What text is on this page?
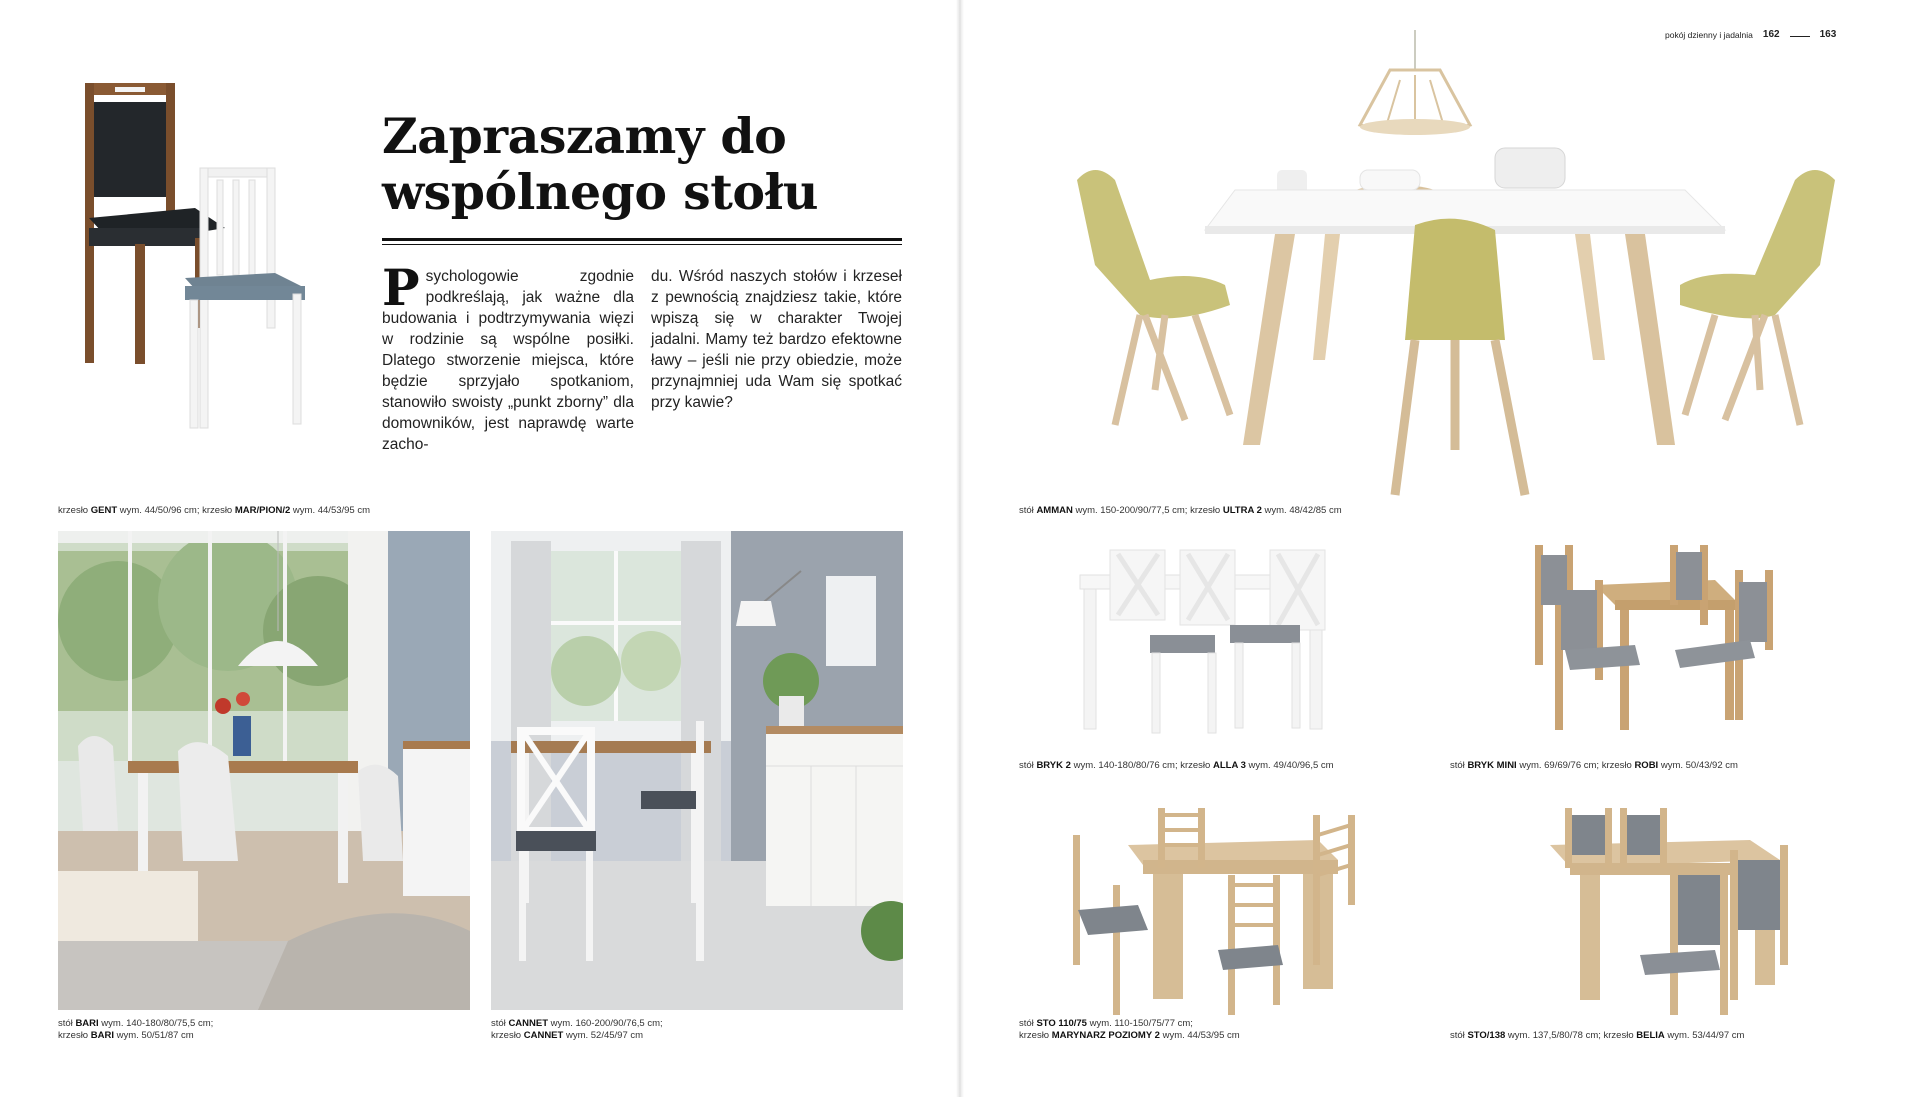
pokój dzienny i jadalnia 162	163
Zapraszamy do
wspólnego stołu
Psychologowie zgodnie podkreślają, jak ważne dla budowania i podtrzymywania więzi w rodzinie są wspólne posiłki. Dlatego stworzenie miejsca, które będzie sprzyjało spotkaniom, stanowiło swoisty „punkt zborny” dla domowników, jest naprawdę warte zacho-
du. Wśród naszych stołów i krzeseł z pewnością znajdziesz takie, które wpiszą się w charakter Twojej jadalni. Mamy też bardzo efektowne ławy – jeśli nie przy obiedzie, może przynajmniej uda Wam się spotkać przy kawie?
krzesło GENT wym. 44/50/96 cm; krzesło MAR/PION/2 wym. 44/53/95 cm
stół BARI wym. 140-180/80/75,5 cm;
krzesło BARI wym. 50/51/87 cm
stół CANNET wym. 160-200/90/76,5 cm;
krzesło CANNET wym. 52/45/97 cm
stół AMMAN wym. 150-200/90/77,5 cm; krzesło ULTRA 2 wym. 48/42/85 cm
stół BRYK 2 wym. 140-180/80/76 cm; krzesło ALLA 3 wym. 49/40/96,5 cm	stół BRYK MINI wym. 69/69/76 cm; krzesło ROBI wym. 50/43/92 cm
stół STO 110/75 wym. 110-150/75/77 cm;
krzesło MARYNARZ POZIOMY 2 wym. 44/53/95 cm	stół STO/138 wym. 137,5/80/78 cm; krzesło BELIA wym. 53/44/97 cm
